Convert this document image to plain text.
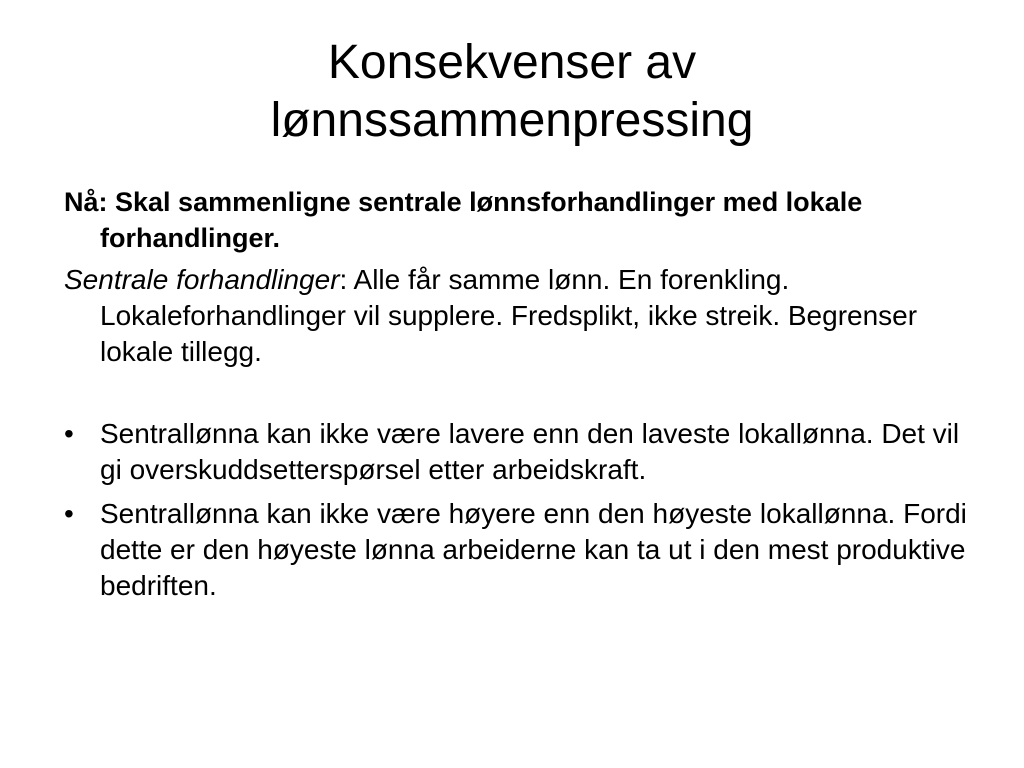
Konsekvenser av
lønnssammenpressing

Nå: Skal sammenligne sentrale lønnsforhandlinger med lokale forhandlinger.

Sentrale forhandlinger: Alle får samme lønn. En forenkling. Lokaleforhandlinger vil supplere. Fredsplikt, ikke streik. Begrenser lokale tillegg.

• Sentrallønna kan ikke være lavere enn den laveste lokallønna. Det vil gi overskuddsetterspørsel etter arbeidskraft.
• Sentrallønna kan ikke være høyere enn den høyeste lokallønna. Fordi dette er den høyeste lønna arbeiderne kan ta ut i den mest produktive bedriften.
